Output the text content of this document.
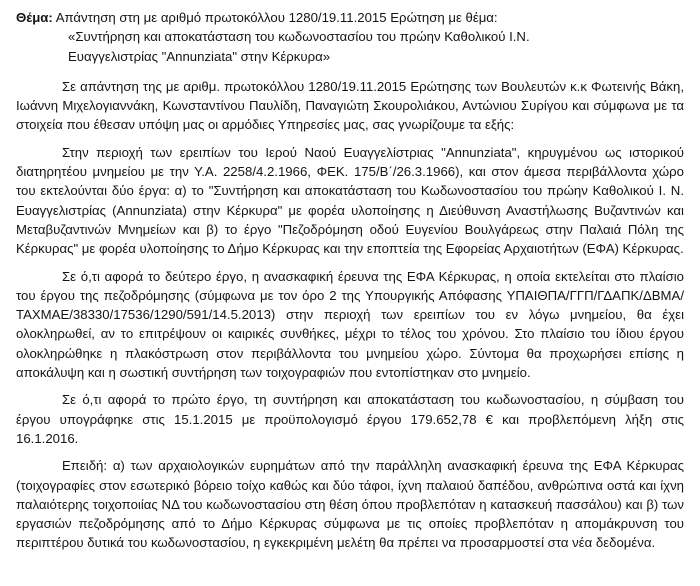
Θέμα: Απάντηση στη με αριθμό πρωτοκόλλου 1280/19.11.2015 Ερώτηση με θέμα:

«Συντήρηση και αποκατάσταση του κωδωνοστασίου του πρώην Καθολικού Ι.Ν.

Ευαγγελιστρίας "Annunziata" στην Κέρκυρα»

Σε απάντηση της με αριθμ. πρωτοκόλλου 1280/19.11.2015 Ερώτησης των Βουλευτών κ.κ Φωτεινής Βάκη, Ιωάννη Μιχελογιαννάκη, Κωνσταντίνου Παυλίδη, Παναγιώτη Σκουρολιάκου, Αντώνιου Συρίγου και σύμφωνα με τα στοιχεία που έθεσαν υπόψη μας οι αρμόδιες Υπηρεσίες μας, σας γνωρίζουμε τα εξής:

Στην περιοχή των ερειπίων του Ιερού Ναού Ευαγγελίστριας "Annunziata", κηρυγμένου ως ιστορικού διατηρητέου μνημείου με την Υ.Α. 2258/4.2.1966, ΦΕΚ. 175/Β΄/26.3.1966), και στον άμεσα περιβάλλοντα χώρο του εκτελούνται δύο έργα: α) το "Συντήρηση και αποκατάσταση του Κωδωνοστασίου του πρώην Καθολικού Ι. Ν. Ευαγγελιστρίας (Annunziata) στην Κέρκυρα" με φορέα υλοποίησης η Διεύθυνση Αναστήλωσης Βυζαντινών και Μεταβυζαντινών Μνημείων και β) το έργο "Πεζοδρόμηση οδού Ευγενίου Βουλγάρεως στην Παλαιά Πόλη της Κέρκυρας" με φορέα υλοποίησης το Δήμο Κέρκυρας και την εποπτεία της Εφορείας Αρχαιοτήτων (ΕΦΑ) Κέρκυρας.

Σε ό,τι αφορά το δεύτερο έργο, η ανασκαφική έρευνα της ΕΦΑ Κέρκυρας, η οποία εκτελείται στο πλαίσιο του έργου της πεζοδρόμησης (σύμφωνα με τον όρο 2 της Υπουργικής Απόφασης ΥΠΑΙΘΠΑ/ΓΓΠ/ΓΔΑΠΚ/ΔΒΜΑ/ΤΑΧΜΑΕ/38330/17536/1290/591/14.5.2013) στην περιοχή των ερειπίων του εν λόγω μνημείου, θα έχει ολοκληρωθεί, αν το επιτρέψουν οι καιρικές συνθήκες, μέχρι το τέλος του χρόνου. Στο πλαίσιο του ίδιου έργου ολοκληρώθηκε η πλακόστρωση στον περιβάλλοντα του μνημείου χώρο. Σύντομα θα προχωρήσει επίσης η αποκάλυψη και η σωστική συντήρηση των τοιχογραφιών που εντοπίστηκαν στο μνημείο.

Σε ό,τι αφορά το πρώτο έργο, τη συντήρηση και αποκατάσταση του κωδωνοστασίου, η σύμβαση του έργου υπογράφηκε στις 15.1.2015 με προϋπολογισμό έργου 179.652,78 € και προβλεπόμενη λήξη στις 16.1.2016.

Επειδή: α) των αρχαιολογικών ευρημάτων από την παράλληλη ανασκαφική έρευνα της ΕΦΑ Κέρκυρας (τοιχογραφίες στον εσωτερικό βόρειο τοίχο καθώς και δύο τάφοι, ίχνη παλαιού δαπέδου, ανθρώπινα οστά και ίχνη παλαιότερης τοιχοποιίας ΝΔ του κωδωνοστασίου στη θέση όπου προβλεπόταν η κατασκευή πασσάλου) και β) των εργασιών πεζοδρόμησης από το Δήμο Κέρκυρας σύμφωνα με τις οποίες προβλεπόταν η απομάκρυνση του περιπτέρου δυτικά του κωδωνοστασίου, η εγκεκριμένη μελέτη θα πρέπει να προσαρμοστεί στα νέα δεδομένα.
